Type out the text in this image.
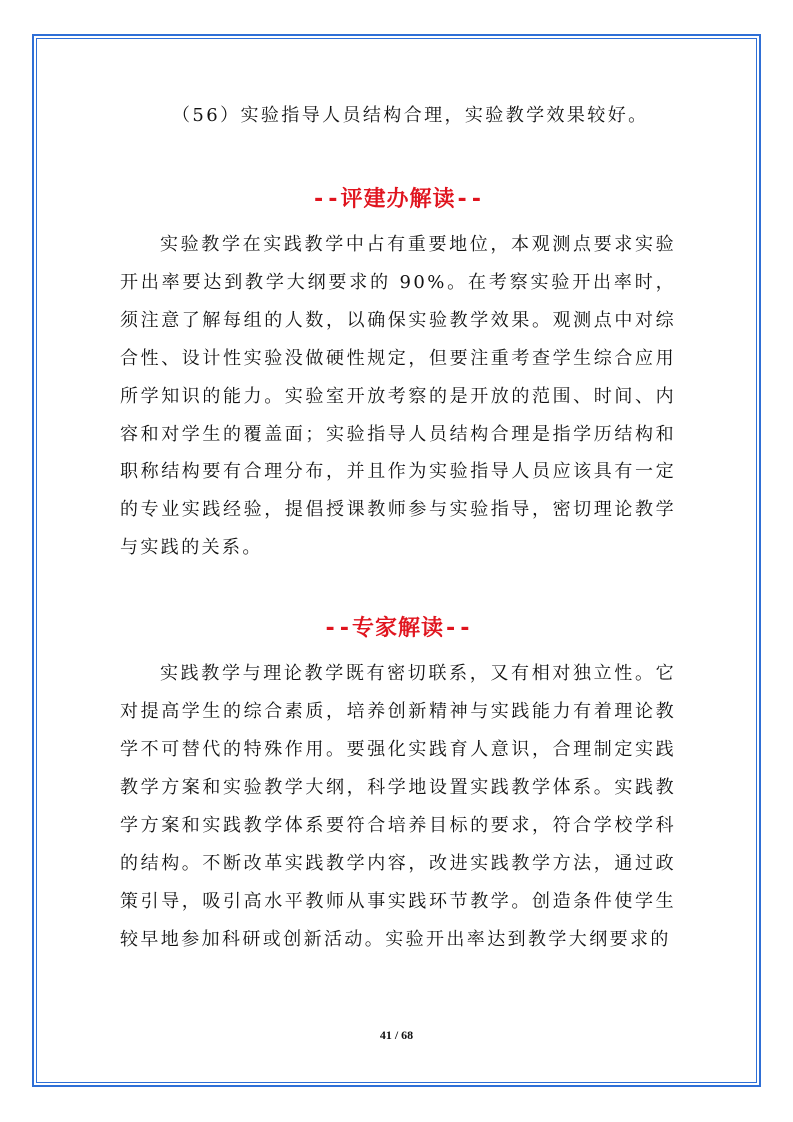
（56）实验指导人员结构合理，实验教学效果较好。

--评建办解读--

实验教学在实践教学中占有重要地位，本观测点要求实验开出率要达到教学大纲要求的 90%。在考察实验开出率时，须注意了解每组的人数，以确保实验教学效果。观测点中对综合性、设计性实验没做硬性规定，但要注重考查学生综合应用所学知识的能力。实验室开放考察的是开放的范围、时间、内容和对学生的覆盖面；实验指导人员结构合理是指学历结构和职称结构要有合理分布，并且作为实验指导人员应该具有一定的专业实践经验，提倡授课教师参与实验指导，密切理论教学与实践的关系。

--专家解读--

实践教学与理论教学既有密切联系，又有相对独立性。它对提高学生的综合素质，培养创新精神与实践能力有着理论教学不可替代的特殊作用。要强化实践育人意识，合理制定实践教学方案和实验教学大纲，科学地设置实践教学体系。实践教学方案和实践教学体系要符合培养目标的要求，符合学校学科的结构。不断改革实践教学内容，改进实践教学方法，通过政策引导，吸引高水平教师从事实践环节教学。创造条件使学生较早地参加科研或创新活动。实验开出率达到教学大纲要求的

41 / 68
